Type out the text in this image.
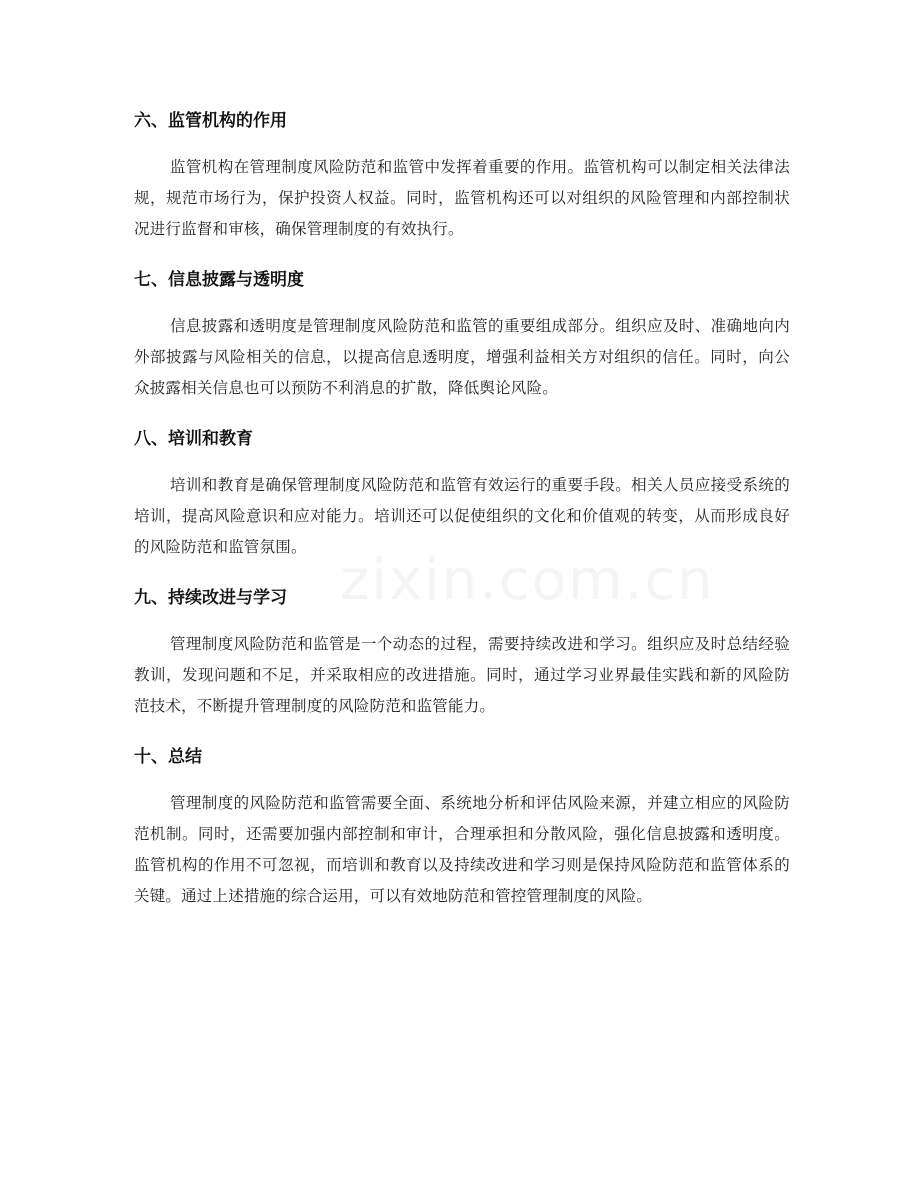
zixin.com.cn
六、监管机构的作用

监管机构在管理制度风险防范和监管中发挥着重要的作用。监管机构可以制定相关法律法规，规范市场行为，保护投资人权益。同时，监管机构还可以对组织的风险管理和内部控制状况进行监督和审核，确保管理制度的有效执行。

七、信息披露与透明度

信息披露和透明度是管理制度风险防范和监管的重要组成部分。组织应及时、准确地向内外部披露与风险相关的信息，以提高信息透明度，增强利益相关方对组织的信任。同时，向公众披露相关信息也可以预防不利消息的扩散，降低舆论风险。

八、培训和教育

培训和教育是确保管理制度风险防范和监管有效运行的重要手段。相关人员应接受系统的培训，提高风险意识和应对能力。培训还可以促使组织的文化和价值观的转变，从而形成良好的风险防范和监管氛围。

九、持续改进与学习

管理制度风险防范和监管是一个动态的过程，需要持续改进和学习。组织应及时总结经验教训，发现问题和不足，并采取相应的改进措施。同时，通过学习业界最佳实践和新的风险防范技术，不断提升管理制度的风险防范和监管能力。

十、总结

管理制度的风险防范和监管需要全面、系统地分析和评估风险来源，并建立相应的风险防范机制。同时，还需要加强内部控制和审计，合理承担和分散风险，强化信息披露和透明度。监管机构的作用不可忽视，而培训和教育以及持续改进和学习则是保持风险防范和监管体系的关键。通过上述措施的综合运用，可以有效地防范和管控管理制度的风险。
